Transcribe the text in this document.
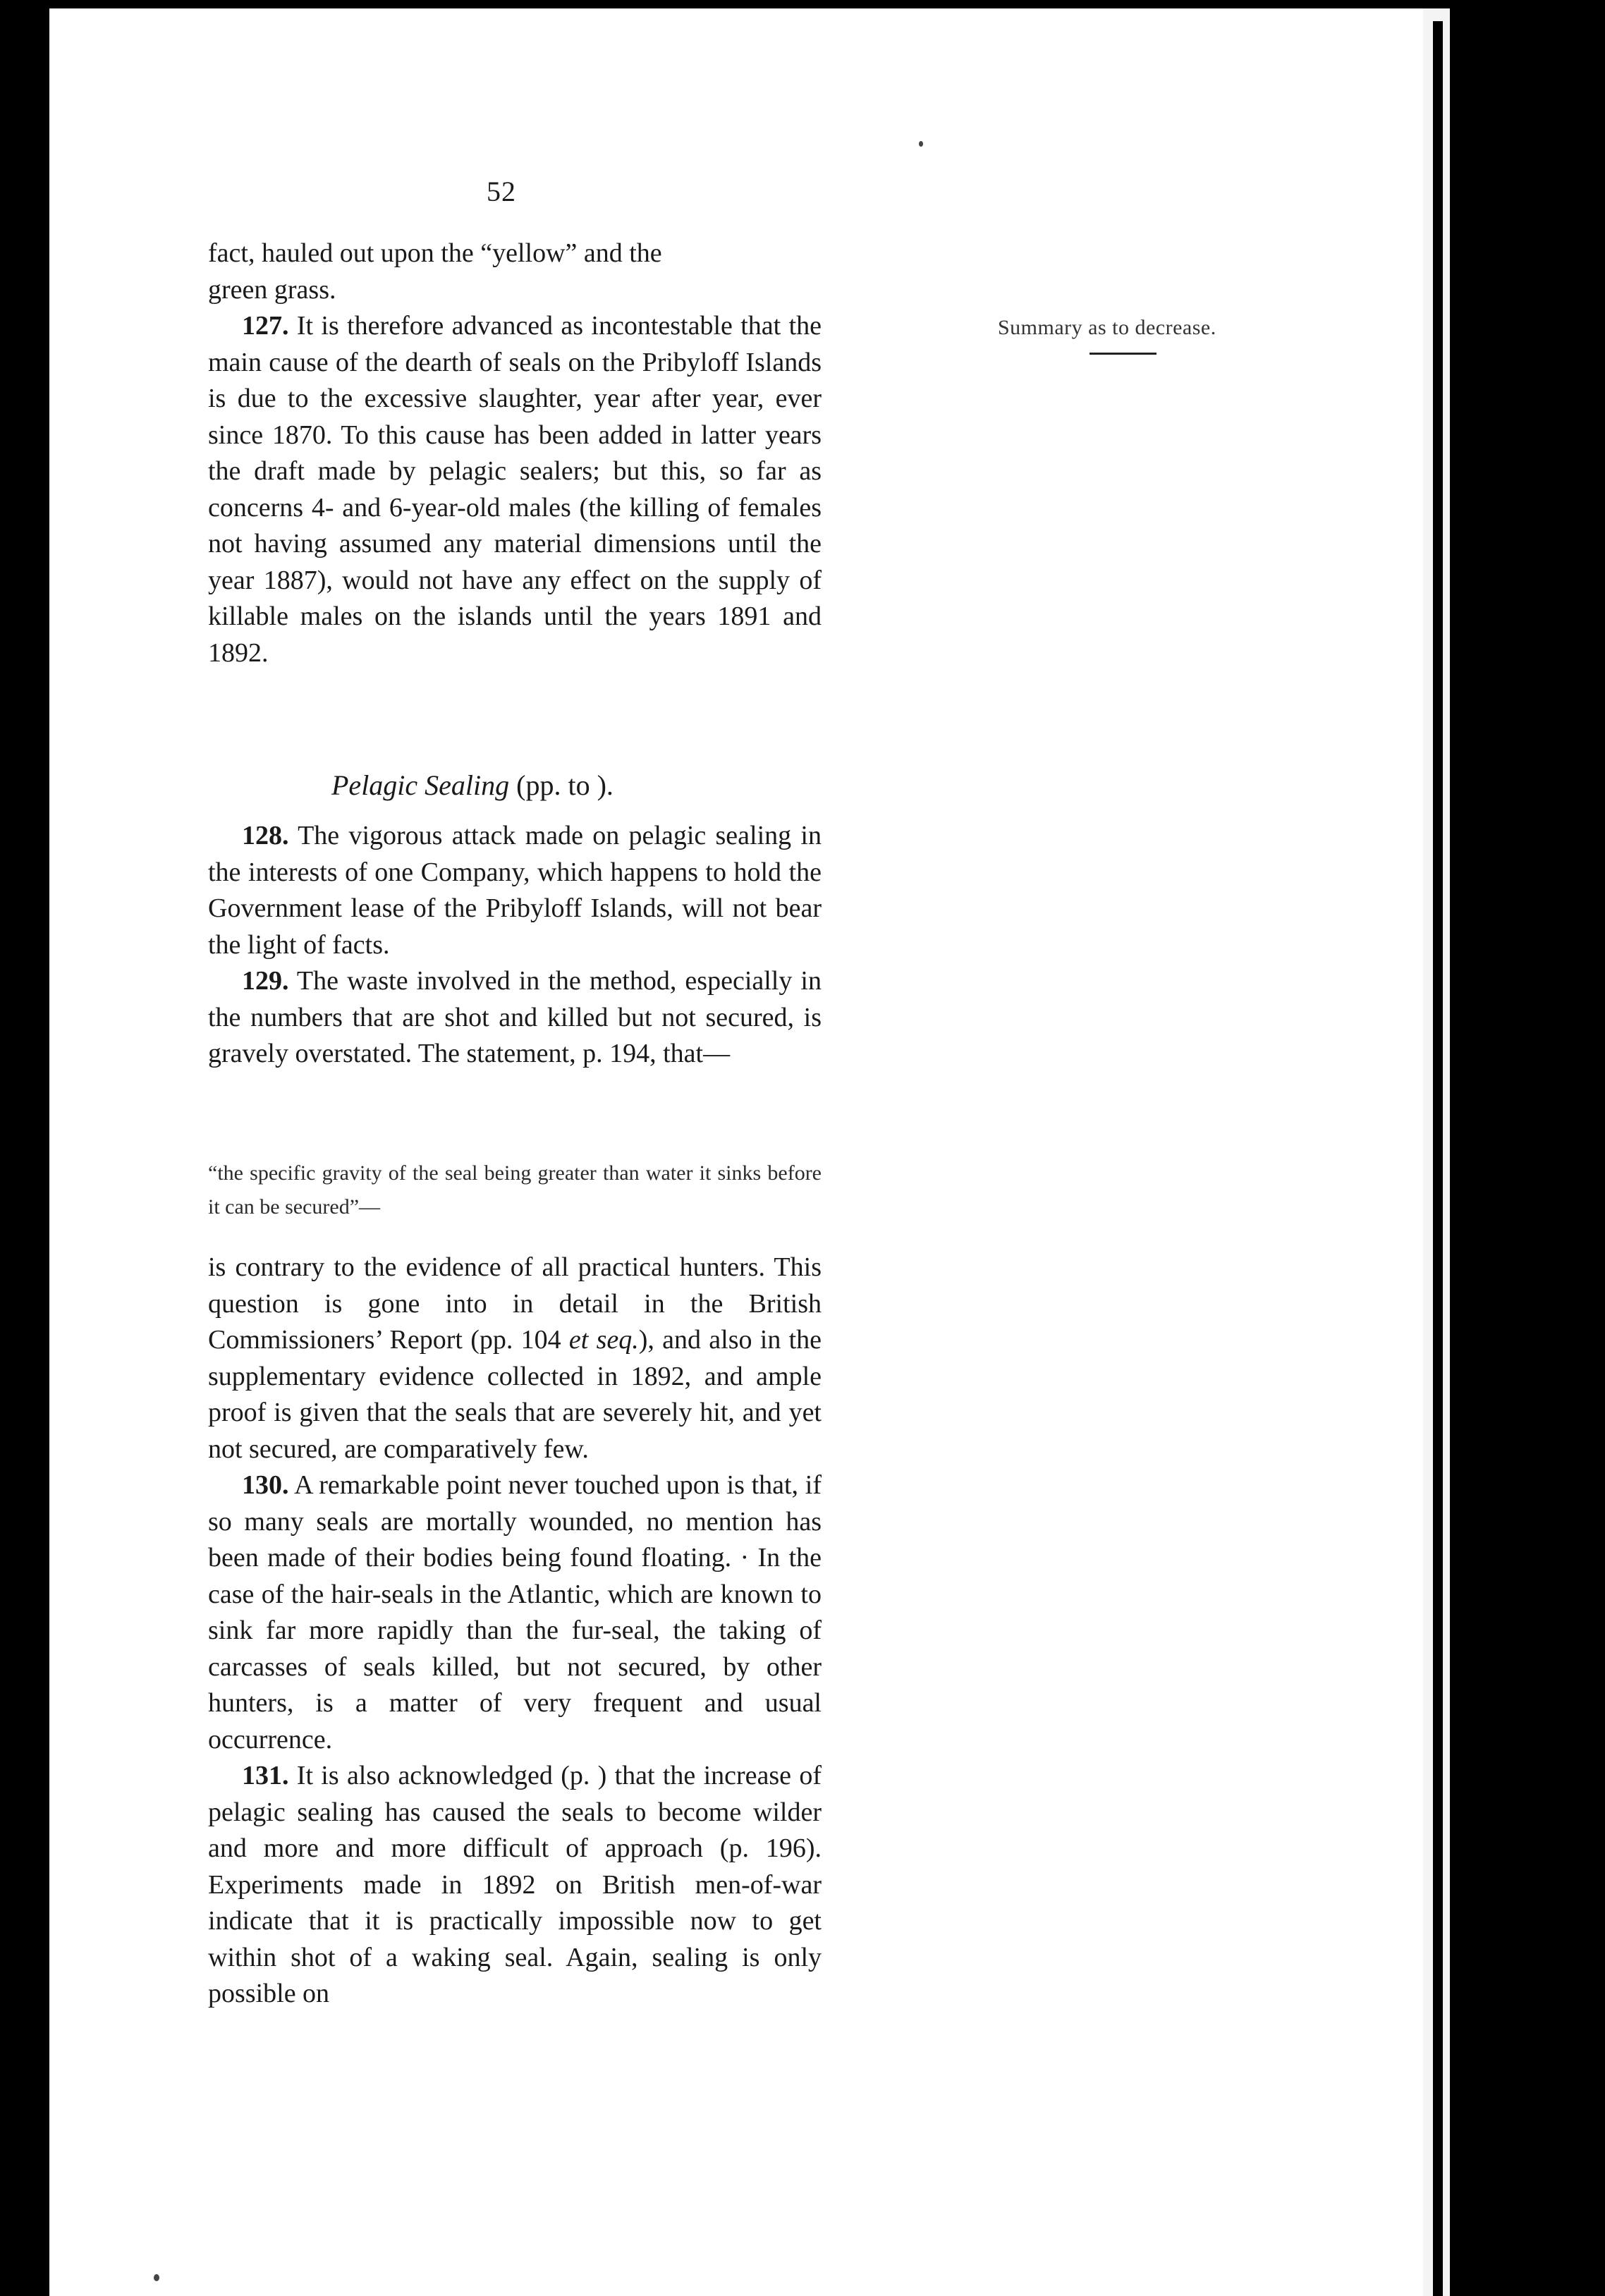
52
Summary as to decrease.

fact, hauled out upon the “yellow” and the

green grass.

127. It is therefore advanced as incontestable that the main cause of the dearth of seals on the Pribyloff Islands is due to the excessive slaughter, year after year, ever since 1870. To this cause has been added in latter years the draft made by pelagic sealers; but this, so far as concerns 4- and 6-year-old males (the killing of females not having assumed any material dimensions until the year 1887), would not have any effect on the supply of killable males on the islands until the years 1891 and 1892.

Pelagic Sealing (pp. to ).

128. The vigorous attack made on pelagic sealing in the interests of one Company, which happens to hold the Government lease of the Pribyloff Islands, will not bear the light of facts.

129. The waste involved in the method, especially in the numbers that are shot and killed but not secured, is gravely overstated. The statement, p. 194, that—

“the specific gravity of the seal being greater than water it sinks before it can be secured”—

is contrary to the evidence of all practical hunters. This question is gone into in detail in the British Commissioners’ Report (pp. 104 et seq.), and also in the supplementary evidence collected in 1892, and ample proof is given that the seals that are severely hit, and yet not secured, are comparatively few.

130. A remarkable point never touched upon is that, if so many seals are mortally wounded, no mention has been made of their bodies being found floating. · In the case of the hair-seals in the Atlantic, which are known to sink far more rapidly than the fur-seal, the taking of carcasses of seals killed, but not secured, by other hunters, is a matter of very frequent and usual occurrence.

131. It is also acknowledged (p. ) that the increase of pelagic sealing has caused the seals to become wilder and more and more difficult of approach (p. 196). Experiments made in 1892 on British men-of-war indicate that it is practically impossible now to get within shot of a waking seal. Again, sealing is only possible on
